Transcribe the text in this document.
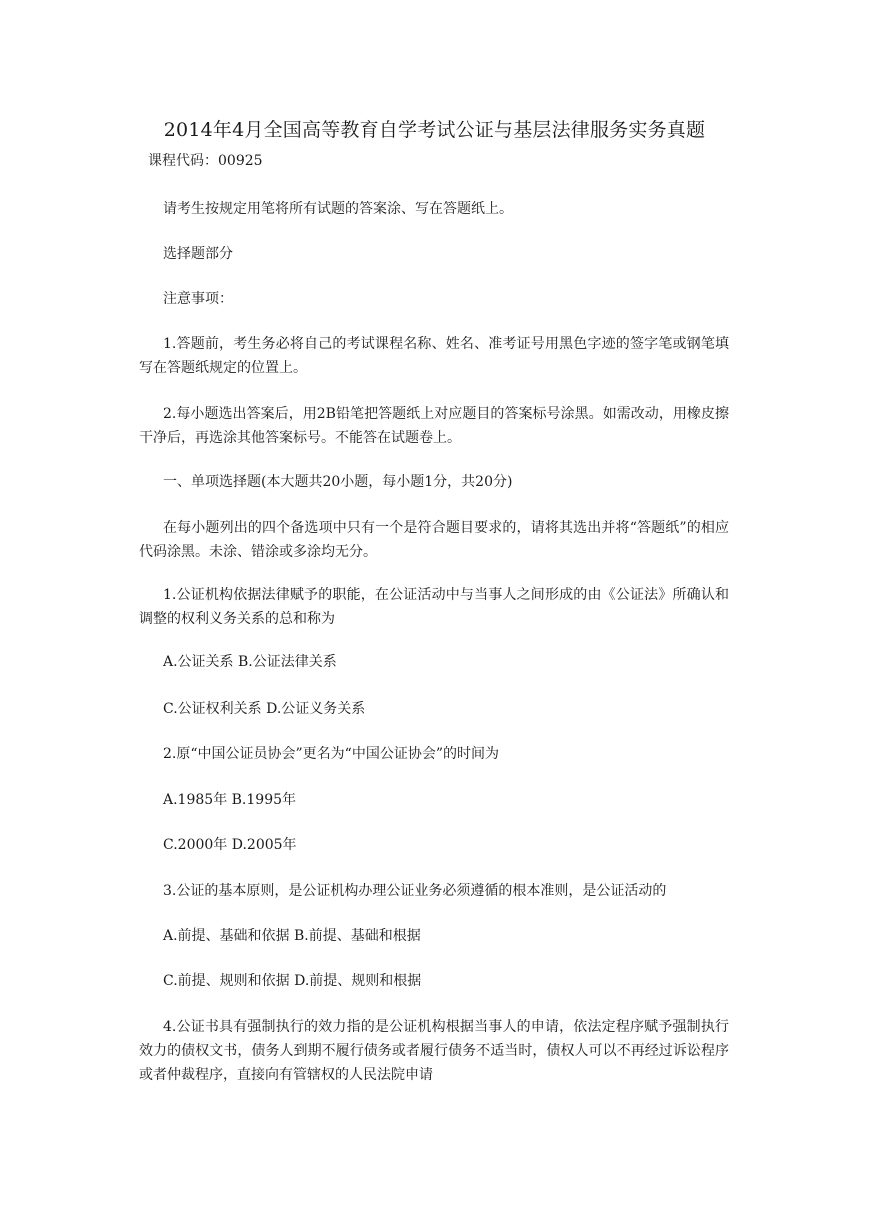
2014年4月全国高等教育自学考试公证与基层法律服务实务真题
课程代码：00925

请考生按规定用笔将所有试题的答案涂、写在答题纸上。

选择题部分

注意事项：

1.答题前，考生务必将自己的考试课程名称、姓名、准考证号用黑色字迹的签字笔或钢笔填写在答题纸规定的位置上。

2.每小题选出答案后，用2B铅笔把答题纸上对应题目的答案标号涂黑。如需改动，用橡皮擦干净后，再选涂其他答案标号。不能答在试题卷上。

一、单项选择题(本大题共20小题，每小题1分，共20分)

在每小题列出的四个备选项中只有一个是符合题目要求的，请将其选出并将“答题纸”的相应代码涂黑。未涂、错涂或多涂均无分。

1.公证机构依据法律赋予的职能，在公证活动中与当事人之间形成的由《公证法》所确认和调整的权利义务关系的总和称为

A.公证关系 B.公证法律关系

C.公证权利关系 D.公证义务关系

2.原“中国公证员协会”更名为“中国公证协会”的时间为

A.1985年 B.1995年

C.2000年 D.2005年

3.公证的基本原则，是公证机构办理公证业务必须遵循的根本准则，是公证活动的

A.前提、基础和依据 B.前提、基础和根据

C.前提、规则和依据 D.前提、规则和根据

4.公证书具有强制执行的效力指的是公证机构根据当事人的申请，依法定程序赋予强制执行效力的债权文书，债务人到期不履行债务或者履行债务不适当时，债权人可以不再经过诉讼程序或者仲裁程序，直接向有管辖权的人民法院申请
